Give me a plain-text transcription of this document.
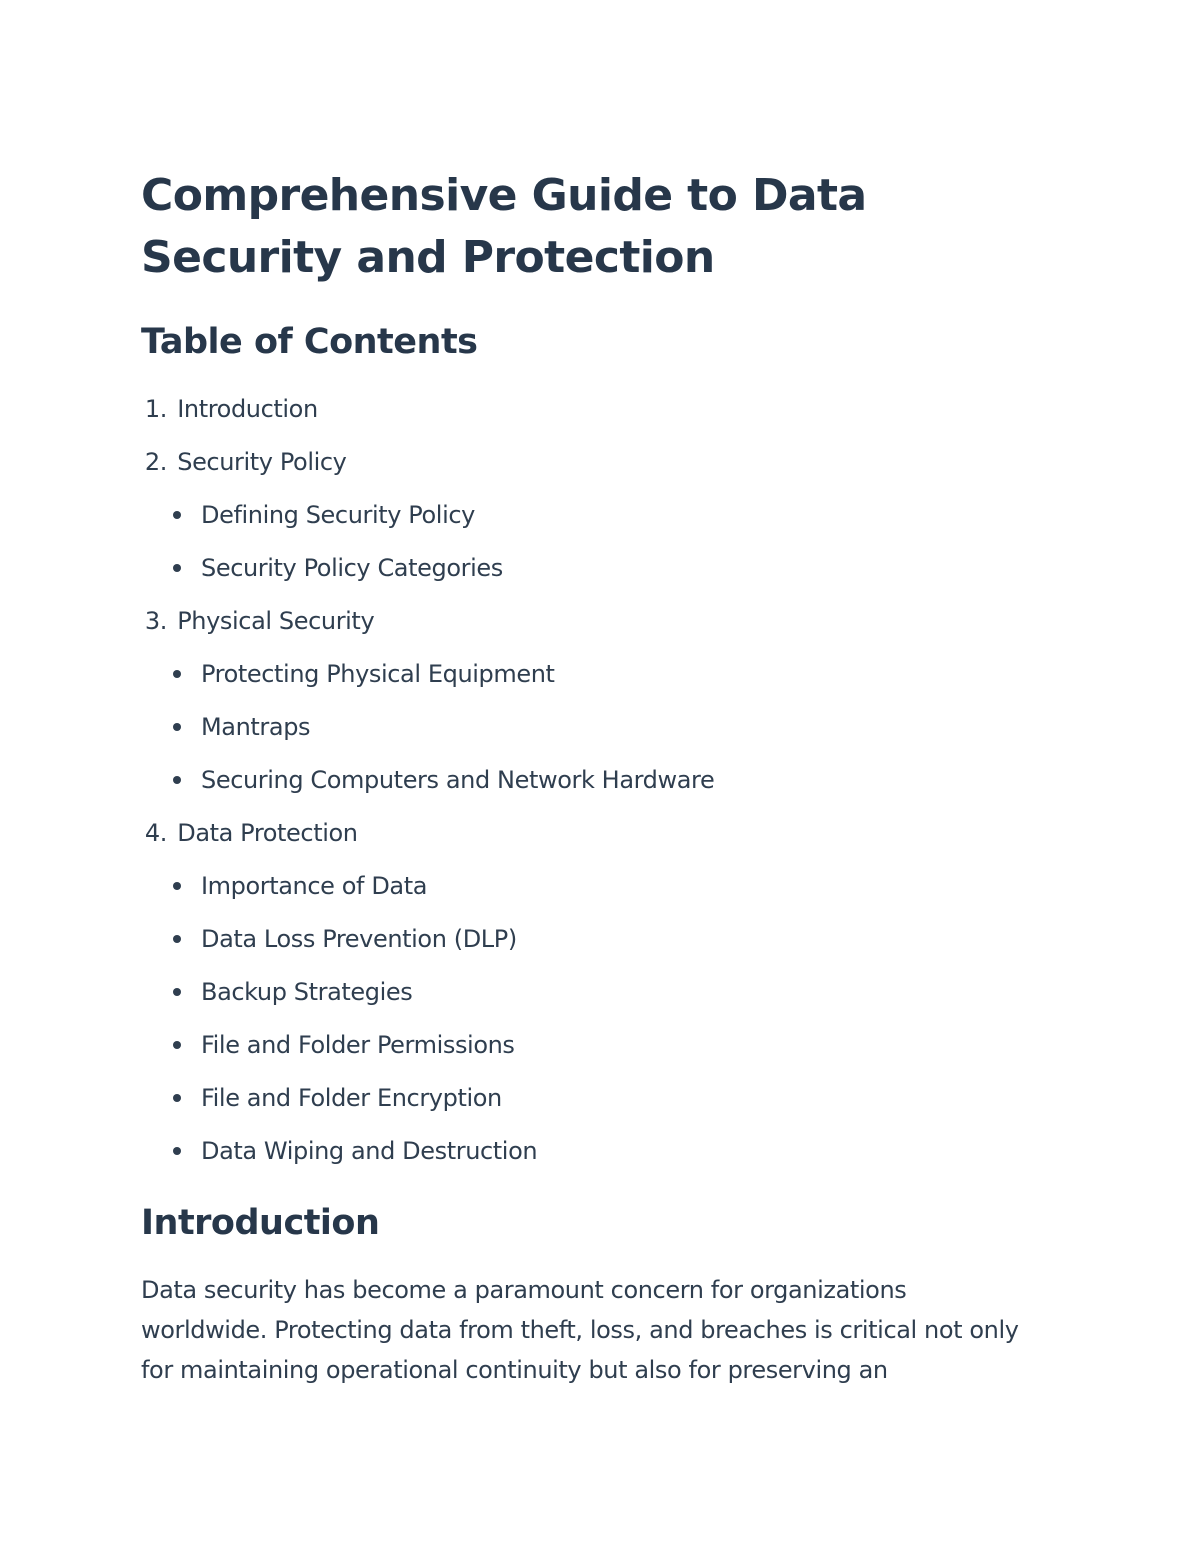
Comprehensive Guide to Data Security and Protection
Table of Contents
1. Introduction
2. Security Policy
Defining Security Policy
Security Policy Categories
3. Physical Security
Protecting Physical Equipment
Mantraps
Securing Computers and Network Hardware
4. Data Protection
Importance of Data
Data Loss Prevention (DLP)
Backup Strategies
File and Folder Permissions
File and Folder Encryption
Data Wiping and Destruction
Introduction

Data security has become a paramount concern for organizations worldwide. Protecting data from theft, loss, and breaches is critical not only for maintaining operational continuity but also for preserving an
